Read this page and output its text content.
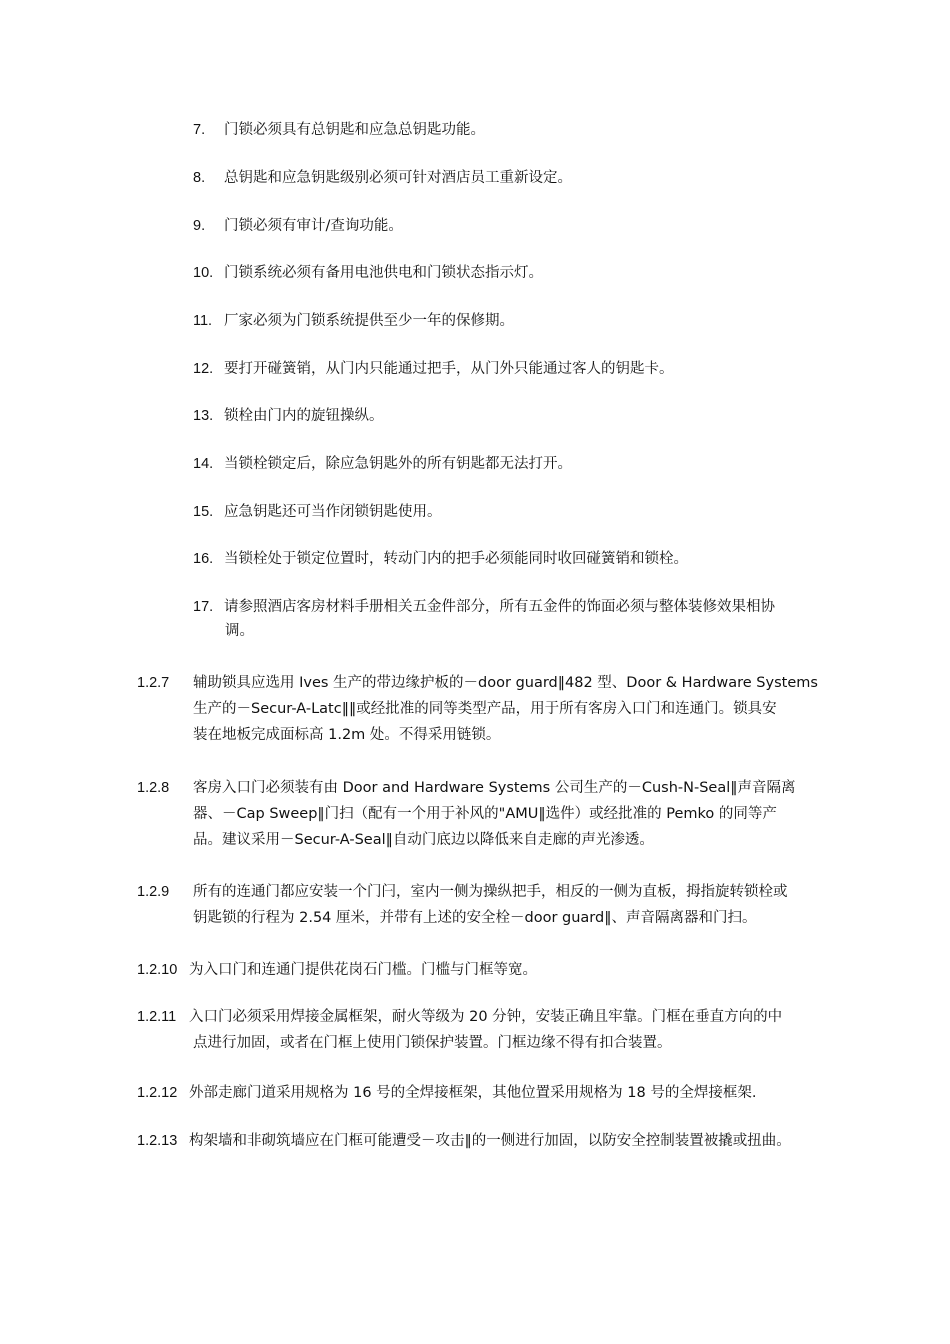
7.	门锁必须具有总钥匙和应急总钥匙功能。
8.	总钥匙和应急钥匙级别必须可针对酒店员工重新设定。
9.	门锁必须有审计/查询功能。
10. 门锁系统必须有备用电池供电和门锁状态指示灯。
11. 厂家必须为门锁系统提供至少一年的保修期。
12. 要打开碰簧销，从门内只能通过把手，从门外只能通过客人的钥匙卡。
13. 锁栓由门内的旋钮操纵。
14. 当锁栓锁定后，除应急钥匙外的所有钥匙都无法打开。
15. 应急钥匙还可当作闭锁钥匙使用。
16. 当锁栓处于锁定位置时，转动门内的把手必须能同时收回碰簧销和锁栓。
17. 请参照酒店客房材料手册相关五金件部分，所有五金件的饰面必须与整体装修效果相协
调。
1.2.7	辅助锁具应选用 Ives 生产的带边缘护板的－door guard‖482 型、Door & Hardware Systems
生产的－Secur-A-Latc‖‖或经批准的同等类型产品，用于所有客房入口门和连通门。锁具安
装在地板完成面标高 1.2m 处。不得采用链锁。
1.2.8	客房入口门必须装有由 Door and Hardware Systems 公司生产的－Cush-N-Seal‖声音隔离
器、－Cap Sweep‖门扫（配有一个用于补风的"AMU‖选件）或经批准的 Pemko 的同等产
品。建议采用－Secur-A-Seal‖自动门底边以降低来自走廊的声光渗透。
1.2.9	所有的连通门都应安装一个门闩，室内一侧为操纵把手，相反的一侧为直板，拇指旋转锁栓或
钥匙锁的行程为 2.54 厘米，并带有上述的安全栓－door guard‖、声音隔离器和门扫。
1.2.10 为入口门和连通门提供花岗石门槛。门槛与门框等宽。
1.2.11 入口门必须采用焊接金属框架，耐火等级为 20 分钟，安装正确且牢靠。门框在垂直方向的中
点进行加固，或者在门框上使用门锁保护装置。门框边缘不得有扣合装置。
1.2.12 外部走廊门道采用规格为 16 号的全焊接框架，其他位置采用规格为 18 号的全焊接框架.
1.2.13 构架墙和非砌筑墙应在门框可能遭受－攻击‖的一侧进行加固，以防安全控制装置被撬或扭曲。
